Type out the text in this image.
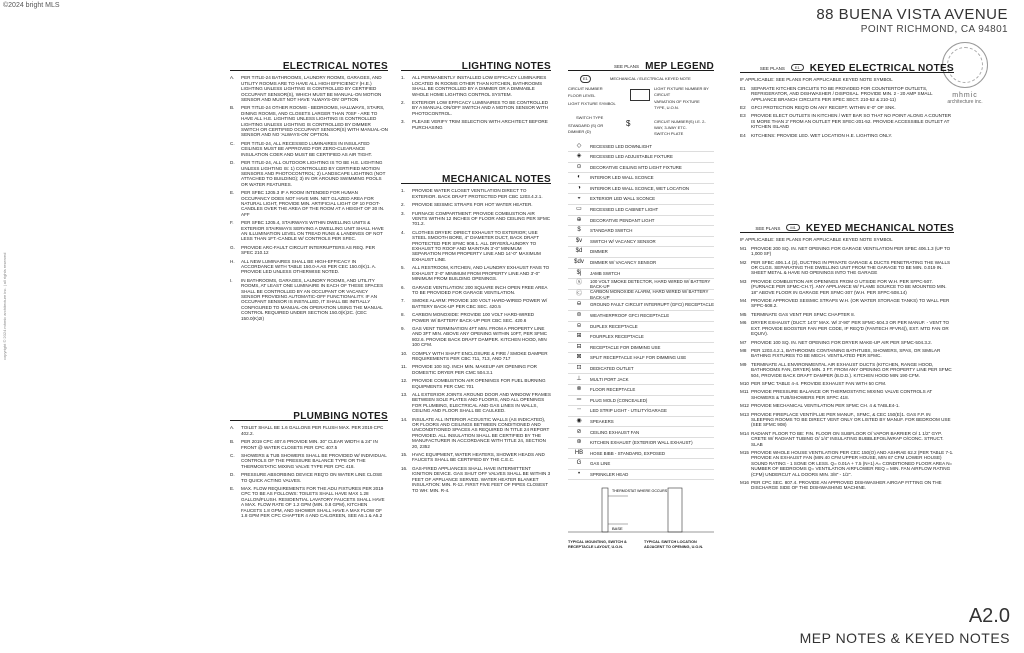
©2024 bright MLS
copyright © 2024 mhmic architecture inc. | all rights reserved
88 BUENA VISTA AVENUE
POINT RICHMOND, CA 94801
mhmic
architecture inc.
ELECTRICAL NOTES
A.	PER TITLE-24 BATHROOMS, LAUNDRY ROOMS, GARAGES, AND UTILITY ROOMS ARE TO HAVE ALL HIGH EFFICIENCY (H.E.) LIGHTING UNLESS LIGHTING IS CONTROLLED BY CERTIFIED OCCUPANT SENSOR(S), WHICH MUST BE MANUAL-ON MOTION SENSOR AND MUST NOT HAVE 'ALWAYS-ON' OPTION
B.	PER TITLE-24 OTHER ROOMS - BEDROOMS, HALLWAYS, STAIRS, DINING ROOMS, AND CLOSETS LARGER THAN 70SF - ARE TO HAVE ALL H.E. LIGHTING UNLESS LIGHTING IS CONTROLLED LIGHTING UNLESS LIGHTING IS CONTROLLED BY DIMMER SWITCH OR CERTIFIED OCCUPANT SENSOR(S) WITH MANUAL-ON SENSOR AND NO 'ALWAYS-ON' OPTION.
C.	PER TITLE-24, ALL RECESSED LUMINAIRES IN INSULATED CEILINGS MUST BE APPROVED FOR ZERO-CLEARANCE INSULATION COER AND MUST BE CERTIFIED AS AIR TIGHT.
D.	PER TITLE-24, ALL OUTDOOR LIGHTING IS TO BE H.E. LIGHTING UNLESS LIGHTING IS: 1) CONTROLLED BY CERTIFIED MOTION SENSORS AND PHOTOCONTROL; 2) LANDSCAPE LIGHTING (NOT ATTACHED TO BUILDING); 3) IN OR AROUND SWIMMING POOLS OR WATER FEATURES.
E.	PER SFBC 1205.3 IF A ROOM INTENDED FOR HUMAN OCCUPANCY DOES NOT HAVE MIN. NET GLAZED AREA FOR NATURAL LIGHT, PROVIDE MIN. ARTIFICIAL LIGHT OF 10 FOOT-CANDLES OVER THE AREA OF THE ROOM AT A HEIGHT OF 30 IN. AFF
F.	PER SFBC 1205.4, STAIRWAYS WITHIN DWELLING UNITS & EXTERIOR STAIRWAYS SERVING A DWELLING UNIT SHALL HAVE AN ILLUMINATION LEVEL ON TREAD RUNS & LANDINGS OF NOT LESS THAN 1FT.-CANDLE W/ CONTROLS PER SFEC.
G.	PROVIDE ARC-FAULT CIRCUIT INTERRUPTERS AS REQ. PER SFEC 210.12
H.	ALL NEW LUMINAIRES SHALL BE HIGH-EFFICACY IN ACCORDANCE WITH TABLE 150.0-A AS PER CEC 150.0(K)1. A. PROVIDE LED UNLESS OTHERWISE NOTED.
I.	IN BATHROOMS, GARAGES, LAUNDRY ROOMS, AND UTILITY ROOMS, AT LEAST ONE LUMINAIRE IN EACH OF THESE SPACES SHALL BE CONTROLLED BY AN OCCUPANT OR VACANCY SENSOR PROVIDING AUTOMATIC-OFF FUNCTIONALITY. IF AN OCCUPANT SENSOR IS INSTALLED, IT SHALL BE INITIALLY CONFIGURED TO MANUAL-ON OPERATION USING THE MANUAL CONTROL REQUIRED UNDER SECTION 150.0(K)2C. (CEC 150.0(K)2I)
PLUMBING NOTES
A.	TOILET SHALL BE 1.6 GALLONS PER FLUSH MAX. PER 2019 CPC 402.2.
B.	PER 2019 CPC 407.6 PROVIDE MIN. 30" CLEAR WIDTH & 24" IN FRONT @ WATER CLOSETS PER CPC 407.5
C.	SHOWERS & TUB SHOWERS SHALL BE PROVIDED W/ INDIVIDUAL CONTROLS OF THE PRESSURE BALANCE TYPE OR THE THERMOSTATIC MIXING VALVE TYPE PER CPC 418.
D.	PRESSURE ABSORBING DEVICE REQ'D ON WATER LINE CLOSE TO QUICK ACTING VALVES.
E.	MAX. FLOW REQUIREMENTS FOR THE ADU FIXTURES PER 2019 CPC TO BE AS FOLLOWS: TOILETS SHALL HAVE MAX 1.28 GALLON/FLUSH. RESIDENTIAL LAVATORY FAUCETS SHALL HAVE A MAX. FLOW RATE OF 1.2 GPM (MIN. 0.8 GPM), KITCHEN FAUCETS 1.8 GPM, AND SHOWER SHALL HAVE A MAX FLOW OF 1.8 GPM PER CPC CHAPTER 4 AND CALGREEN, SEE A5.1 & A5.2
LIGHTING NOTES
1.	ALL PERMANENTLY INSTALLED LOW EFFICACY LUMINAIRES LOCATED IN ROOMS OTHER THAN KITCHEN, BATHROOMS SHALL BE CONTROLLED BY A DIMMER OR A DIMMABLE WHOLE HOME LIGHTING CONTROL SYSTEM.
2.	EXTERIOR LOW EFFICACY LUMINAIRES TO BE CONTROLLED BY A MANUAL ON/OFF SWITCH AND A MOTION SENSOR WITH PHOTOCONTROL.
3.	PLEASE VERIFY TRIM SELECTION WITH ARCHITECT BEFORE PURCHASING
MECHANICAL NOTES
1.	PROVIDE WATER CLOSET VENTILATION DIRECT TO EXTERIOR. BACK DRAFT PROTECTED PER CBC 1203.4.2.1.
2.	PROVIDE SEISMIC STRAPS FOR HOT WATER HEATER.
3.	FURNACE COMPARTMENT: PROVIDE COMBUSTION AIR VENTS WITHIN 12 INCHES OF FLOOR AND CEILING PER SFMC 701.2.
4.	CLOTHES DRYER: DIRECT EXHAUST TO EXTERIOR; USE STEEL SMOOTH BORE, 4" DIAMETER DUCT, BACK DRAFT PROTECTED PER SFMC 908.1. ALL DRYER/LAUNDRY TO EXHAUST TO ROOF AND MAINTAIN 3'-0" MINIMUM SEPARATION FROM PROPERTY LINE AND 14'-0" MAXIMUM EXHAUST LINE.
5.	ALL RESTROOM, KITCHEN, AND LAUNDRY EXHAUST FANS TO EXHAUST 3'-0" MINIMUM FROM PROPERTY LINE AND 3'-0" MINIMUM FROM BUILDING OPENINGS.
6.	GARAGE VENTILATION: 200 SQUARE INCH OPEN FREE AREA TO BE PROVIDED FOR GARAGE VENTILATION.
7.	SMOKE ALARM: PROVIDE 100 VOLT HARD-WIRED POWER W/ BATTERY BACK-UP PER CBC SEC. 420.5
8.	CARBON MONOXIDE: PROVIDE 100 VOLT HARD-WIRED POWER W/ BATTERY BACK-UP PER CBC SEC. 420.6
9.	GAS VENT TERMINATION 4FT MIN. FROM A PROPERTY LINE AND 3FT MIN. ABOVE ANY OPENING WITHIN 10FT, PER SFMC 802.6. PROVIDE BACK DRAFT DAMPER. KITCHEN HOOD, MIN 100 CFM.
10.	COMPLY WITH SHAFT ENCLOSURE & FIRE / SMOKE DAMPER REQUIREMENTS PER CBC 711, 713, AND 717
11.	PROVIDE 100 SQ. INCH MIN. MAKEUP AIR OPENING FOR DOMESTIC DRYER PER CMC 504.3.1
12.	PROVIDE COMBUSTION AIR OPENINGS FOR FUEL BURNING EQUIPMENTS PER CMC 701
13.	ALL EXTERIOR JOINTS AROUND DOOR AND WINDOW FRAMES BETWEEN SOLE PLATES AND FLOORS, AND ALL OPENINGS FOR PLUMBING, ELECTRICAL AND GAS LINES IN WALLS, CEILING AND FLOOR SHALL BE CAULKED.
14.	INSULATE ALL INTERIOR ACOUSTIC WALLS (AS INDICATED), OR FLOORS AND CEILINGS BETWEEN CONDITIONED AND UNCONDITIONED SPACES AS REQUIRED IN TITLE 24 REPORT PROVIDED. ALL INSULATION SHALL BE CERTIFIED BY THE MANUFACTURER IN ACCORDANCE WITH TITLE 24, SECTION 20, 2352
15.	HVAC EQUIPMENT, WATER HEATERS, SHOWER HEADS AND FAUCETS SHALL BE CERTIFIED BY THE C.E.C.
16.	GAS-FIRED APPLIANCES SHALL HAVE INTERMITTENT IGNITION DEVICE. GAS SHUT OFF VALVES SHALL BE WITHIN 3 FEET OF APPLIANCE SERVED. WATER HEATER BLANKET INSULATION: MIN. R-12. FIRST FIVE FEET OF PIPES CLOSEST TO WH: MIN. R-4.
SEE PLANS MEP LEGEND
E1	MECHANICAL / ELECTRICAL KEYED NOTE
CIRCUIT NUMBER
FLOOR LEVEL
LIGHT FIXTURE SYMBOL
LIGHT FIXTURE NUMBER BY CIRCUIT
VARIATION OF FIXTURE TYPE, U.O.N.
SWITCH TYPE
STANDARD (S) OR DIMMER (D)
CIRCUIT NUMBER(S) I.E. 2-WAY, 3-WAY ETC.
SWITCH PLATE
$
◇	RECESSED LED DOWNLIGHT
◈	RECESSED LED ADJUSTABLE FIXTURE
⊙	DECORATIVE CEILING MTD LIGHT FIXTURE
◐	INTERIOR LED WALL SCONCE
◑	INTERIOR LED WALL SCONCE, WET LOCATION
◒	EXTERIOR LED WALL SCONCE
▭	RECESSED LED CABINET LIGHT
⊕	DECORATIVE PENDANT LIGHT
$	STANDARD SWITCH
$v	SWITCH W/ VACANCY SENSOR
$d	DIMMER
$dv	DIMMER W/ VACANCY SENSOR
$j	JAMB SWITCH
Ⓢ	100 VOLT SMOKE DETECTOR, HARD WIRED W/ BATTERY BACK-UP
Ⓒ	CARBON MONOXIDE ALARM, HARD WIRED W/ BATTERY BACK-UP
⊖	GROUND FAULT CIRCUIT INTERRUPT (GFCI) RECEPTACLE
⊜	WEATHERPROOF GFCI RECEPTACLE
⊝	DUPLEX RECEPTACLE
⊞	FOURPLEX RECEPTACLE
⊟	RECEPTACLE FOR DIMMING USE
⊠	SPLIT RECEPTACLE HALF FOR DIMMING USE
⊡	DEDICATED OUTLET
⊥	MULTI PORT JACK
⊗	FLOOR RECEPTACLE
═	PLUG MOLD (CONCEALED)
┄	LED STRIP LIGHT - UTILITY/GARAGE
◉	SPEAKERS
⊘	CEILING EXHAUST FAN
⊛	KITCHEN EXHAUST (EXTERIOR WALL EXHAUST)
HB	HOSE BIBB - STANDARD, EXPOSED
G	GAS LINE
•	SPRINKLER HEAD
THERMOSTAT WHERE OCCURS
BASE
TYPICAL MOUNTING, SWITCH & RECEPTACLE LAYOUT, U.O.N.
TYPICAL SWITCH LOCATION ADJACENT TO OPENING, U.O.N.
SEE PLANS	E1	KEYED ELECTRICAL NOTES
IF APPLICABLE: SEE PLANS FOR APPLICABLE KEYED NOTE SYMBOL
E1	SEPARATE KITCHEN CIRCUITS TO BE PROVIDED FOR COUNTERTOP OUTLETS, REFRIGERATOR, AND DISHWASHER / DISPOSAL. PROVIDE MIN. 2 - 20 AMP SMALL APPLIANCE BRANCH CIRCUITS PER SPEC SECT. 210-52 & 210-11)
E2	GFCI PROTECTION REQ'D ON ANY RECEPT. WITHIN 6'-0" OF SNK.
E3	PROVIDE ELECT OUTLETS IN KITCHEN / WET BAR SO THAT NO POINT ALONG A COUNTER IS MORE THAN 2' FROM AN OUTLET PER SFEC-201-52. PROVIDE ACCESSIBLE OUTLET AT KITCHEN ISLAND
E4	KITCHENS: PROVIDE LED. WET LOCATION H.E. LIGHTING ONLY.
SEE PLANS	M1	KEYED MECHANICAL NOTES
IF APPLICABLE: SEE PLANS FOR APPLICABLE KEYED NOTE SYMBOL
M1	PROVIDE 200 SQ. IN. NET OPENING FOR GARAGE VENTILATION PER SFBC 406.1.3 (UP TO 1,000 SF)
M2	PER SFBC 406.1.4 (2), DUCTING IN PRIVATE GARAGE & DUCTS PENETRATING THE WALLS OR CLGS. SEPARATING THE DWELLING UNIT FROM THE GARAGE TO BE MIN. 0.019 IN. SHEET METAL & HAVE NO OPENINGS INTO THE GARAGE
M3	PROVIDE COMBUSTION AIR OPENINGS FROM O UTSIDE FOR W.H. PER SFPC-507. (FURNACE PER SFMC-CH.7). ANY APPLIANCE W/ FLAME SOURCE TO BE MOUNTED MIN. 18" ABOVE FLOOR IN GARAGE PER SFMC-307 (W.H. PER SFPC-508.14)
M4	PROVIDE APPROVED SEISMIC STRAPS W.H. (OR WATER STORAGE TANKS) TO WALL PER SFPC-508.2.
M5	TERMINATE GAS VENT PER SFMC CHAPTER 8.
M6	DRYER EXHAUST (DUCT: 14'0" MAX. W/ 3'-90" PER SFMC-504.3 OR PER MANUF. - VENT TO EXT. PROVIDE BOOSTER FAN PER CODE, IF REQ'D (FANTECH #FVR4)), EXT. MTD FAN OR EQUIV).
M7	PROVIDE 100 SQ. IN. NET OPENING FOR DRYER MAKE-UP AIR PER SFMC-504.3.2.
M8	PER 1203.4.2.1, BATHROOMS CONTAINING BATHTUBS, SHOWERS, SPAS, OR SIMILAR BATHING FIXTURES TO BE MECH. VENTILATED PER SFMC.
M9	TERMINATE ALL ENVIRONMENTAL AIR EXHAUST DUCTS (KITCHEN, RANGE HOOD, BATHROOMS FAN, DRYER) MIN. 3 FT. FROM ANY OPENING OR PROPERTY LINE PER SFMC 504, PROVIDE BACK DRAFT DAMPER (B.D.D.). KITCHEN HOOD MIN 190 CFM.
M10 PER SFMC TABLE 4-4. PROVIDE EXHAUST FAN WITH 50 CFM.
M11 PROVIDE PRESSURE BALANCE OR THERMOSTATIC MIXING VALVE CONTROLS AT SHOWERS & TUB/SHOWERS PER SFPC 418.
M12 PROVIDE MECHANICAL VENTILATION PER SFMC CH. 4 & TABLE4-1.
M13 PROVIDE FIREPLACE VENT/FLUE PER MANUF., SFMC, & CEC 150(E)1. GAS F.P. IN SLEEPING ROOMS TO BE DIRECT VENT ONLY OR LISTED BY MANUF. FOR BEDROOM USE (SEE SFMC 908)
M14 RADIANT FLOOR TO BE: FIN. FLOOR ON SUBFLOOR O/ VAPOR BARRIER O/ 1 1/2" GYP. CRETE W/ RADIANT TUBING O/ 1/4" INSULATING BUBBLEFOIL/WRAP O/CONC. STRUCT. SLAB
M15 PROVIDE WHOLE HOUSE VENTILATION PER CEC 150(O) AND ASHRAE 62.2 (PER TABLE 7-1. PROVIDE AN EXHAUST FAN (MIN 40 CFM UPPER HOUSE, MIN 67 CFM LOWER HOUSE) SOUND RATING - 1 SONE OR LESS. Q= 0.01A + 7.5 (N+1) A= CONDITIONED FLOOR AREA N= NUMBER OF BEDROOMS Q= VENTILATION AIRFLOWER REQ = MIN. FAN AIRFLOW RATING (CFM) UNDERCUT ALL DOORS MIN. 3/8" - 1/2".
M16 PER CPC SEC. 807.4. PROVIDE AN APPROVED DISHWASHER AIRGAP FITTING ON THE DISCHARGE SIDE OF THE DISHWASHING MACHINE.
A2.0
MEP NOTES & KEYED NOTES
